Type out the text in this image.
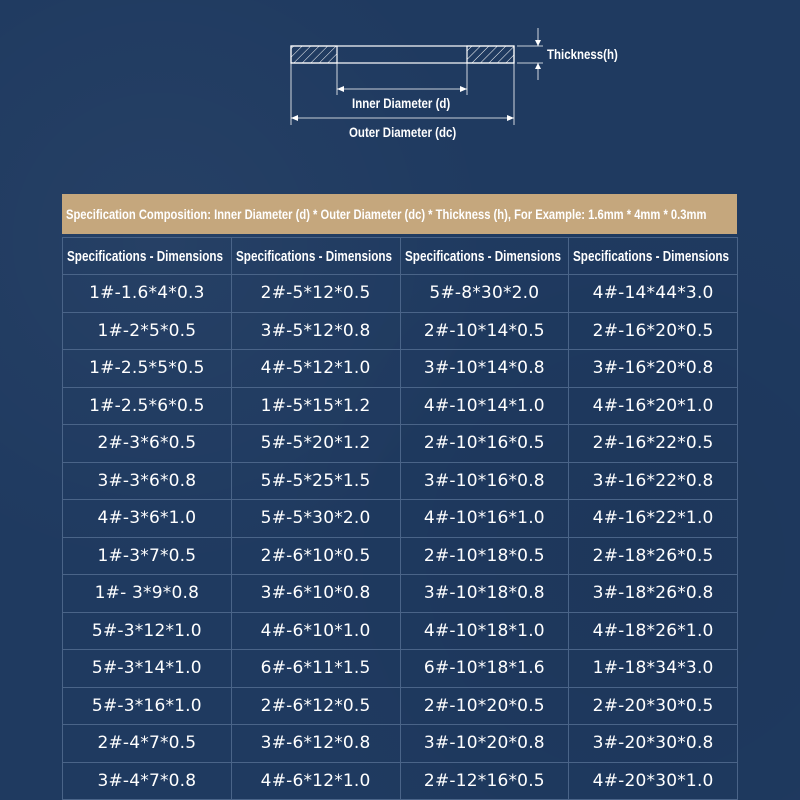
Thickness(h)
Inner Diameter (d)
Outer Diameter (dc)
Specification Composition: Inner Diameter (d) * Outer Diameter (dc) * Thickness (h), For Example: 1.6mm * 4mm * 0.3mm
Specifications - Dimensions	Specifications - Dimensions	Specifications - Dimensions	Specifications - Dimensions
1#-1.6*4*0.3	2#-5*12*0.5	5#-8*30*2.0	4#-14*44*3.0
1#-2*5*0.5	3#-5*12*0.8	2#-10*14*0.5	2#-16*20*0.5
1#-2.5*5*0.5	4#-5*12*1.0	3#-10*14*0.8	3#-16*20*0.8
1#-2.5*6*0.5	1#-5*15*1.2	4#-10*14*1.0	4#-16*20*1.0
2#-3*6*0.5	5#-5*20*1.2	2#-10*16*0.5	2#-16*22*0.5
3#-3*6*0.8	5#-5*25*1.5	3#-10*16*0.8	3#-16*22*0.8
4#-3*6*1.0	5#-5*30*2.0	4#-10*16*1.0	4#-16*22*1.0
1#-3*7*0.5	2#-6*10*0.5	2#-10*18*0.5	2#-18*26*0.5
1#- 3*9*0.8	3#-6*10*0.8	3#-10*18*0.8	3#-18*26*0.8
5#-3*12*1.0	4#-6*10*1.0	4#-10*18*1.0	4#-18*26*1.0
5#-3*14*1.0	6#-6*11*1.5	6#-10*18*1.6	1#-18*34*3.0
5#-3*16*1.0	2#-6*12*0.5	2#-10*20*0.5	2#-20*30*0.5
2#-4*7*0.5	3#-6*12*0.8	3#-10*20*0.8	3#-20*30*0.8
3#-4*7*0.8	4#-6*12*1.0	2#-12*16*0.5	4#-20*30*1.0
